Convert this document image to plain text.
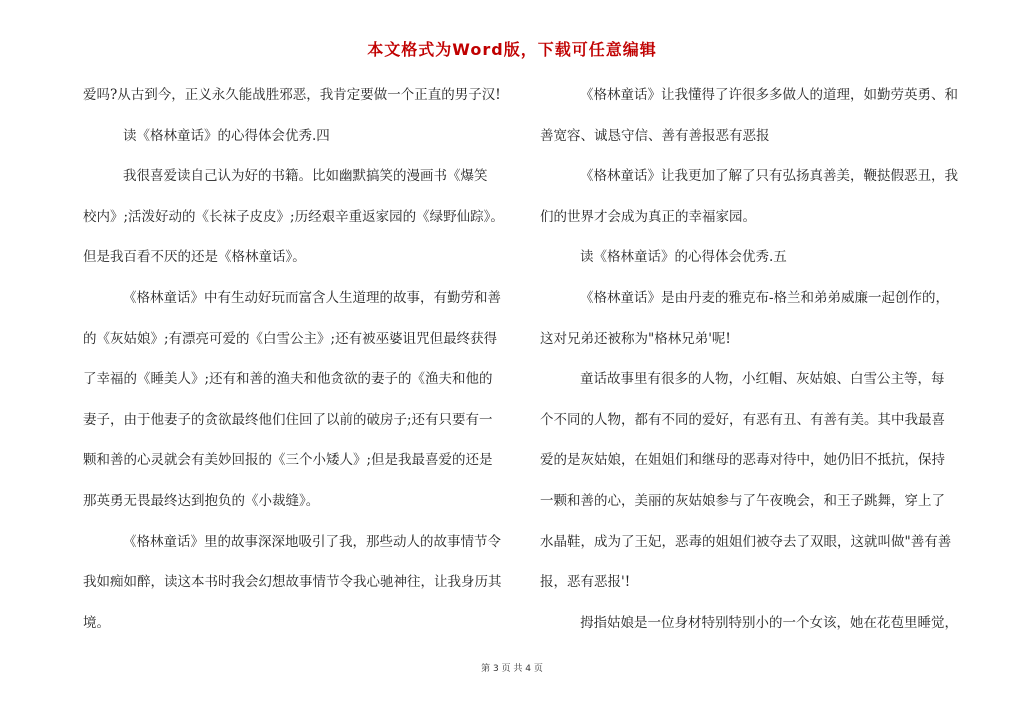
本文格式为Word版，下载可任意编辑
爱吗?从古到今，正义永久能战胜邪恶，我肯定要做一个正直的男子汉!
读《格林童话》的心得体会优秀.四
我很喜爱读自己认为好的书籍。比如幽默搞笑的漫画书《爆笑
校内》;活泼好动的《长袜子皮皮》;历经艰辛重返家园的《绿野仙踪》。
但是我百看不厌的还是《格林童话》。
《格林童话》中有生动好玩而富含人生道理的故事，有勤劳和善
的《灰姑娘》;有漂亮可爱的《白雪公主》;还有被巫婆诅咒但最终获得
了幸福的《睡美人》;还有和善的渔夫和他贪欲的妻子的《渔夫和他的
妻子，由于他妻子的贪欲最终他们住回了以前的破房子;还有只要有一
颗和善的心灵就会有美妙回报的《三个小矮人》;但是我最喜爱的还是
那英勇无畏最终达到抱负的《小裁缝》。
《格林童话》里的故事深深地吸引了我，那些动人的故事情节令
我如痴如醉，读这本书时我会幻想故事情节令我心驰神往，让我身历其
境。
《格林童话》让我懂得了许很多多做人的道理，如勤劳英勇、和
善宽容、诚恳守信、善有善报恶有恶报
《格林童话》让我更加了解了只有弘扬真善美，鞭挞假恶丑，我
们的世界才会成为真正的幸福家园。
读《格林童话》的心得体会优秀.五
《格林童话》是由丹麦的雅克布-格兰和弟弟威廉一起创作的，
这对兄弟还被称为"格林兄弟'呢!
童话故事里有很多的人物，小红帽、灰姑娘、白雪公主等，每
个不同的人物，都有不同的爱好，有恶有丑、有善有美。其中我最喜
爱的是灰姑娘，在姐姐们和继母的恶毒对待中，她仍旧不抵抗，保持
一颗和善的心，美丽的灰姑娘参与了午夜晚会，和王子跳舞，穿上了
水晶鞋，成为了王妃，恶毒的姐姐们被夺去了双眼，这就叫做"善有善
报，恶有恶报'!
拇指姑娘是一位身材特别特别小的一个女该，她在花苞里睡觉，
第 3 页 共 4 页
